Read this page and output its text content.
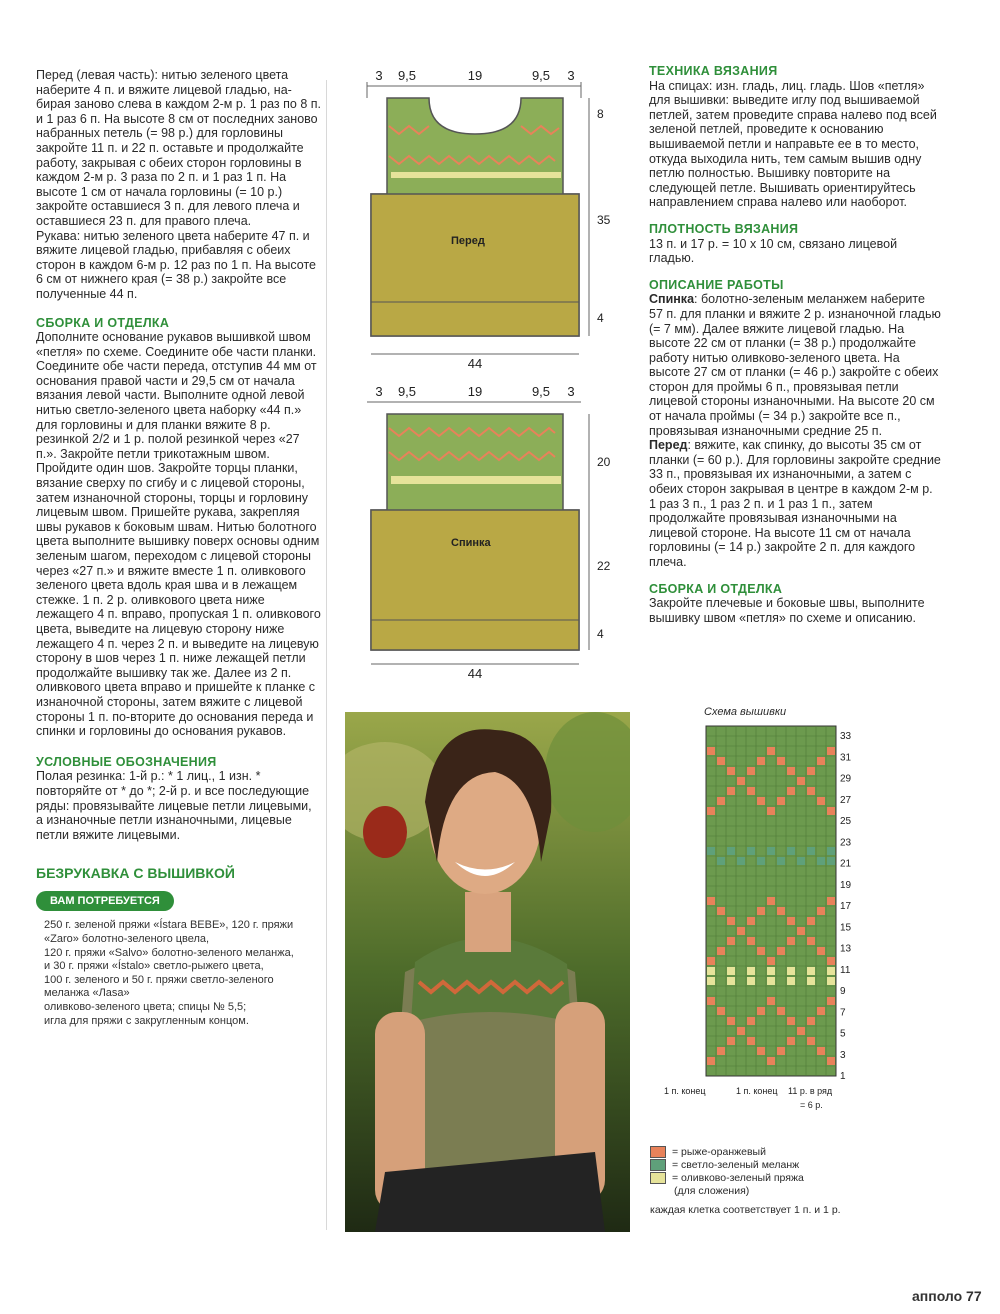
Перед (левая часть): нитью зеленого цвета наберите 4 п. и вяжите лицевой гладью, на-бирая заново слева в каждом 2-м р. 1 раз по 8 п. и 1 раз 6 п. На высоте 8 см от последних заново набранных петель (= 98 р.) для горловины закройте 11 п. и 22 п. оставьте и продолжайте работу, закрывая с обеих сторон горловины в каждом 2-м р. 3 раза по 2 п. и 1 раз 1 п. На высоте 1 см от начала горловины (= 10 р.) закройте оставшиеся 3 п. для левого плеча и оставшиеся 23 п. для правого плеча.

Рукава: нитью зеленого цвета наберите 47 п. и вяжите лицевой гладью, прибавляя с обеих сторон в каждом 6-м р. 12 раз по 1 п. На высоте 6 см от нижнего края (= 38 р.) закройте все полученные 44 п.

СБОРКА И ОТДЕЛКА

Дополните основание рукавов вышивкой швом «петля» по схеме. Соедините обе части планки. Соедините обе части переда, отступив 44 мм от основания правой части и 29,5 см от начала вязания левой части. Выполните одной левой нитью светло-зеленого цвета наборку «44 п.» для горловины и для планки вяжите 8 р. резинкой 2/2 и 1 р. полой резинкой через «27 п.». Закройте петли трикотажным швом. Пройдите один шов. Закройте торцы планки, вязание сверху по сгибу и с лицевой стороны, затем изнаночной стороны, торцы и горловину лицевым швом. Пришейте рукава, закрепляя швы рукавов к боковым швам. Нитью болотного цвета выполните вышивку поверх основы одним зеленым шагом, переходом с лицевой стороны через «27 п.» и вяжите вместе 1 п. оливкового зеленого цвета вдоль края шва и в лежащем стежке. 1 п. 2 р. оливкового цвета ниже лежащего 4 п. вправо, пропуская 1 п. оливкового цвета, выведите на лицевую сторону ниже лежащего 4 п. через 2 п. и выведите на лицевую сторону в шов через 1 п. ниже лежащей петли продолжайте вышивку так же. Далее из 2 п. оливкового цвета вправо и пришейте к планке с изнаночной стороны, затем вяжите с лицевой стороны 1 п. по-вторите до основания переда и спинки и горловины до основания рукавов.

УСЛОВНЫЕ ОБОЗНАЧЕНИЯ

Полая резинка: 1-й р.: * 1 лиц., 1 изн. * повторяйте от * до *; 2-й р. и все последующие ряды: провязывайте лицевые петли лицевыми, а изнаночные петли изнаночными, лицевые петли вяжите лицевыми.

БЕЗРУКАВКА С ВЫШИВКОЙ
ВАМ ПОТРЕБУЕТСЯ
250 г. зеленой пряжи «Ístara BEBE», 120 г. пряжи «Zaro» болотно-зеленого цвела,
120 г. пряжи «Salvo» болотно-зеленого меланжа,
и 30 г. пряжи «Ístalo» светло-рыжего цвета,
100 г. зеленого и 50 г. пряжи светло-зеленого меланжа «Лаsa»
оливково-зеленого цвета; спицы № 5,5;
игла для пряжи с закругленным концом.
3 9,5	19	9,5 3
Перед
8
35
4
44
3 9,5	19	9,5 3
Спинка
20
22
4
44
ТЕХНИКА ВЯЗАНИЯ

На спицах: изн. гладь, лиц. гладь. Шов «петля» для вышивки: выведите иглу под вышиваемой петлей, затем проведите справа налево под всей зеленой петлей, проведите к основанию вышиваемой петли и направьте ее в то место, откуда выходила нить, тем самым вышив одну петлю полностью. Вышивку повторите на следующей петле. Вышивать ориентируйтесь направлением справа налево или наоборот.

ПЛОТНОСТЬ ВЯЗАНИЯ

13 п. и 17 р. = 10 x 10 см, связано лицевой гладью.

ОПИСАНИЕ РАБОТЫ

Спинка: болотно-зеленым меланжем наберите 57 п. для планки и вяжите 2 р. изнаночной гладью (= 7 мм). Далее вяжите лицевой гладью. На высоте 22 см от планки (= 38 р.) продолжайте работу нитью оливково-зеленого цвета. На высоте 27 см от планки (= 46 р.) закройте с обеих сторон для проймы 6 п., провязывая петли лицевой стороны изнаночными. На высоте 20 см от начала проймы (= 34 р.) закройте все п., провязывая изнаночными средние 25 п.

Перед: вяжите, как спинку, до высоты 35 см от планки (= 60 р.). Для горловины закройте средние 33 п., провязывая их изнаночными, а затем с обеих сторон закрывая в центре в каждом 2-м р. 1 раз 3 п., 1 раз 2 п. и 1 раз 1 п., затем продолжайте провязывая изнаночными на лицевой стороне. На высоте 11 см от начала горловины (= 14 р.) закройте 2 п. для каждого плеча.

СБОРКА И ОТДЕЛКА

Закройте плечевые и боковые швы, выполните вышивку швом «петля» по схеме и описанию.

Схема вышивки
33
31
29
27
25
23
21
19
17
15
13
11
9
7
5
3
1
1 п. конец	1 п. конец 11 р. в ряд
= 6 р.
= рыже-оранжевый
= светло-зеленый меланж
= оливково-зеленый пряжа
(для сложения)
каждая клетка соответствует 1 п. и 1 р.
апполо 77
